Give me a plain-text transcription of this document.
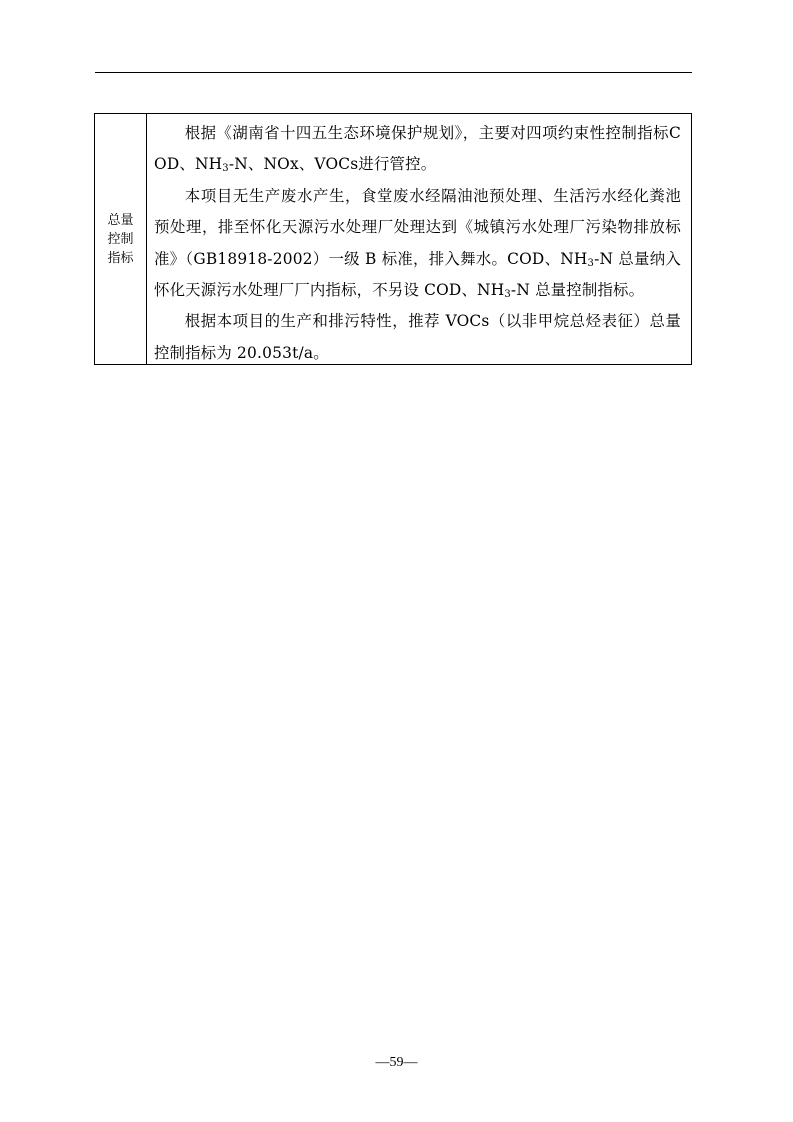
总量控制指标

根据《湖南省十四五生态环境保护规划》，主要对四项约束性控制指标COD、$NH_3-N$、NOx、VOCs进行管控。

本项目无生产废水产生，食堂废水经隔油池预处理、生活污水经化粪池预处理，排至怀化天源污水处理厂处理达到《城镇污水处理厂污染物排放标准》（GB18918-2002）一级 B 标准，排入舞水。COD、$NH_3-N$ 总量纳入怀化天源污水处理厂厂内指标，不另设 COD、$NH_3-N$ 总量控制指标。

根据本项目的生产和排污特性，推荐 VOCs（以非甲烷总烃表征）总量控制指标为 20.053t/a。

—59—
